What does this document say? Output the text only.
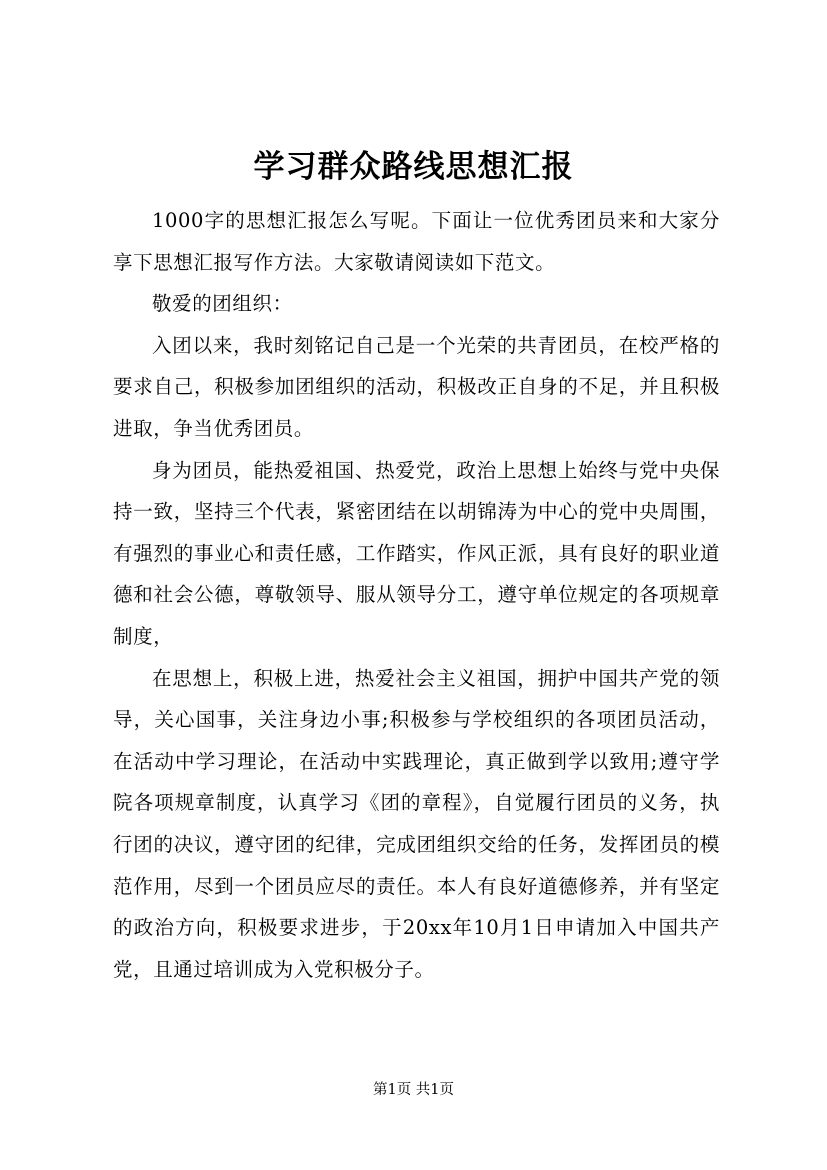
学习群众路线思想汇报

1000字的思想汇报怎么写呢。下面让一位优秀团员来和大家分享下思想汇报写作方法。大家敬请阅读如下范文。

敬爱的团组织：

入团以来，我时刻铭记自己是一个光荣的共青团员，在校严格的要求自己，积极参加团组织的活动，积极改正自身的不足，并且积极进取，争当优秀团员。

身为团员，能热爱祖国、热爱党，政治上思想上始终与党中央保持一致，坚持三个代表，紧密团结在以胡锦涛为中心的党中央周围，有强烈的事业心和责任感，工作踏实，作风正派，具有良好的职业道德和社会公德，尊敬领导、服从领导分工，遵守单位规定的各项规章制度，

在思想上，积极上进，热爱社会主义祖国，拥护中国共产党的领导，关心国事，关注身边小事;积极参与学校组织的各项团员活动，在活动中学习理论，在活动中实践理论，真正做到学以致用;遵守学院各项规章制度，认真学习《团的章程》，自觉履行团员的义务，执行团的决议，遵守团的纪律，完成团组织交给的任务，发挥团员的模范作用，尽到一个团员应尽的责任。本人有良好道德修养，并有坚定的政治方向，积极要求进步，于20xx年10月1日申请加入中国共产党，且通过培训成为入党积极分子。

第1页 共1页
